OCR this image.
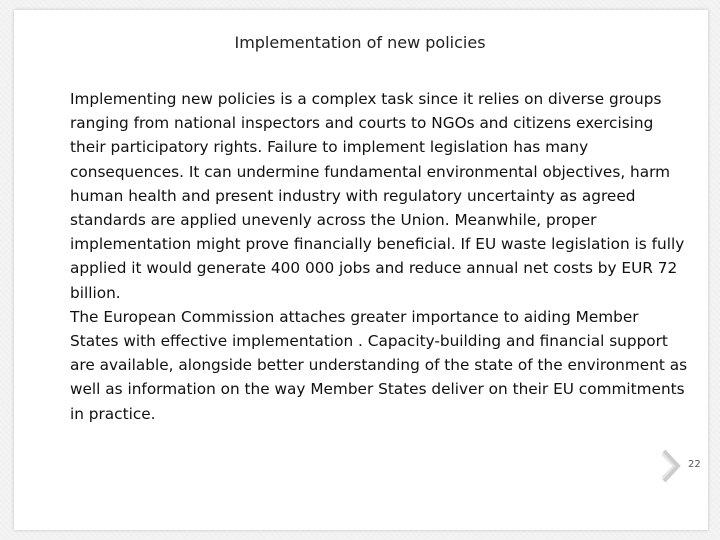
Implementation of new policies

Implementing new policies is a complex task since it relies on diverse groups ranging from national inspectors and courts to NGOs and citizens exercising their participatory rights. Failure to implement legislation has many consequences. It can undermine fundamental environmental objectives, harm human health and present industry with regulatory uncertainty as agreed standards are applied unevenly across the Union. Meanwhile, proper implementation might prove financially beneficial. If EU waste legislation is fully applied it would generate 400 000 jobs and reduce annual net costs by EUR 72 billion.

The European Commission attaches greater importance to aiding Member States with effective implementation . Capacity-building and financial support are available, alongside better understanding of the state of the environment as well as information on the way Member States deliver on their EU commitments in practice.

22
